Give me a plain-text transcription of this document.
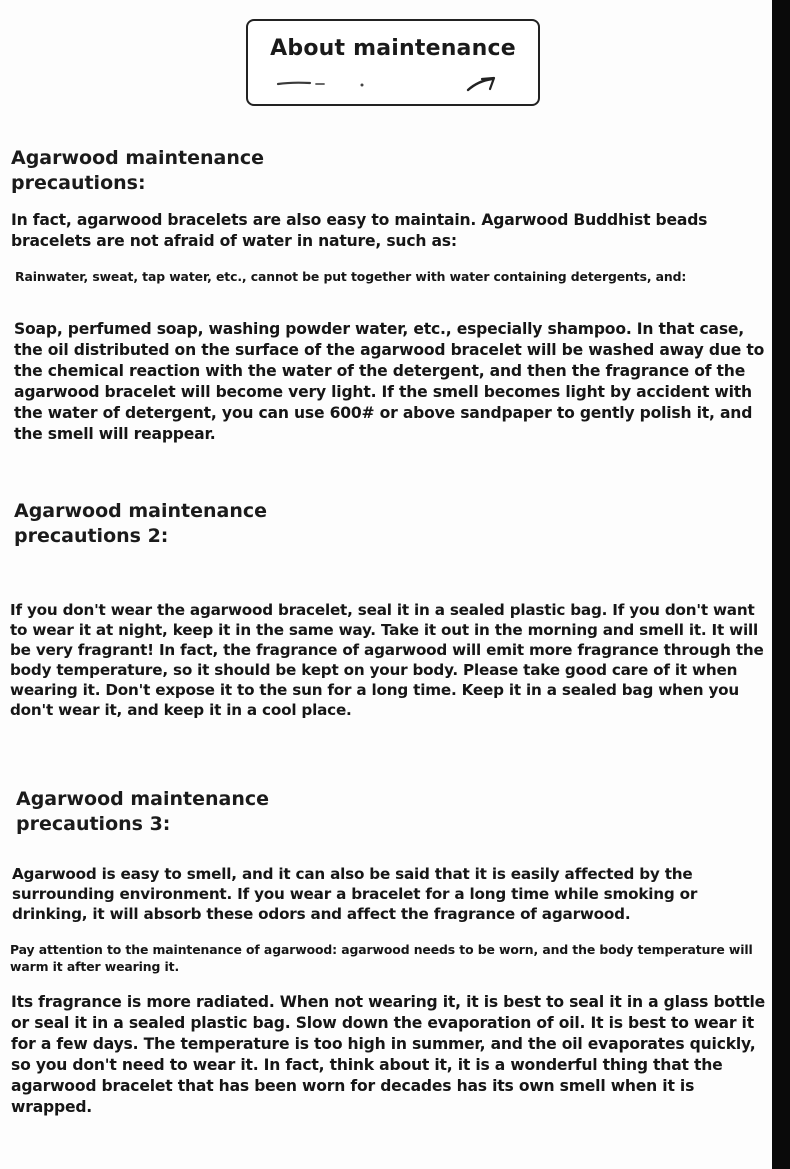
About maintenance
Agarwood maintenance
precautions:

In fact, agarwood bracelets are also easy to maintain. Agarwood Buddhist beads bracelets are not afraid of water in nature, such as:

Rainwater, sweat, tap water, etc., cannot be put together with water containing detergents, and:

Soap, perfumed soap, washing powder water, etc., especially shampoo. In that case, the oil distributed on the surface of the agarwood bracelet will be washed away due to the chemical reaction with the water of the detergent, and then the fragrance of the agarwood bracelet will become very light. If the smell becomes light by accident with the water of detergent, you can use 600# or above sandpaper to gently polish it, and the smell will reappear.

Agarwood maintenance
precautions 2:

If you don't wear the agarwood bracelet, seal it in a sealed plastic bag. If you don't want to wear it at night, keep it in the same way. Take it out in the morning and smell it. It will be very fragrant! In fact, the fragrance of agarwood will emit more fragrance through the body temperature, so it should be kept on your body. Please take good care of it when wearing it. Don't expose it to the sun for a long time. Keep it in a sealed bag when you don't wear it, and keep it in a cool place.

Agarwood maintenance
precautions 3:

Agarwood is easy to smell, and it can also be said that it is easily affected by the surrounding environment. If you wear a bracelet for a long time while smoking or drinking, it will absorb these odors and affect the fragrance of agarwood.

Pay attention to the maintenance of agarwood: agarwood needs to be worn, and the body temperature will warm it after wearing it.

Its fragrance is more radiated. When not wearing it, it is best to seal it in a glass bottle or seal it in a sealed plastic bag. Slow down the evaporation of oil. It is best to wear it for a few days. The temperature is too high in summer, and the oil evaporates quickly, so you don't need to wear it. In fact, think about it, it is a wonderful thing that the agarwood bracelet that has been worn for decades has its own smell when it is wrapped.
